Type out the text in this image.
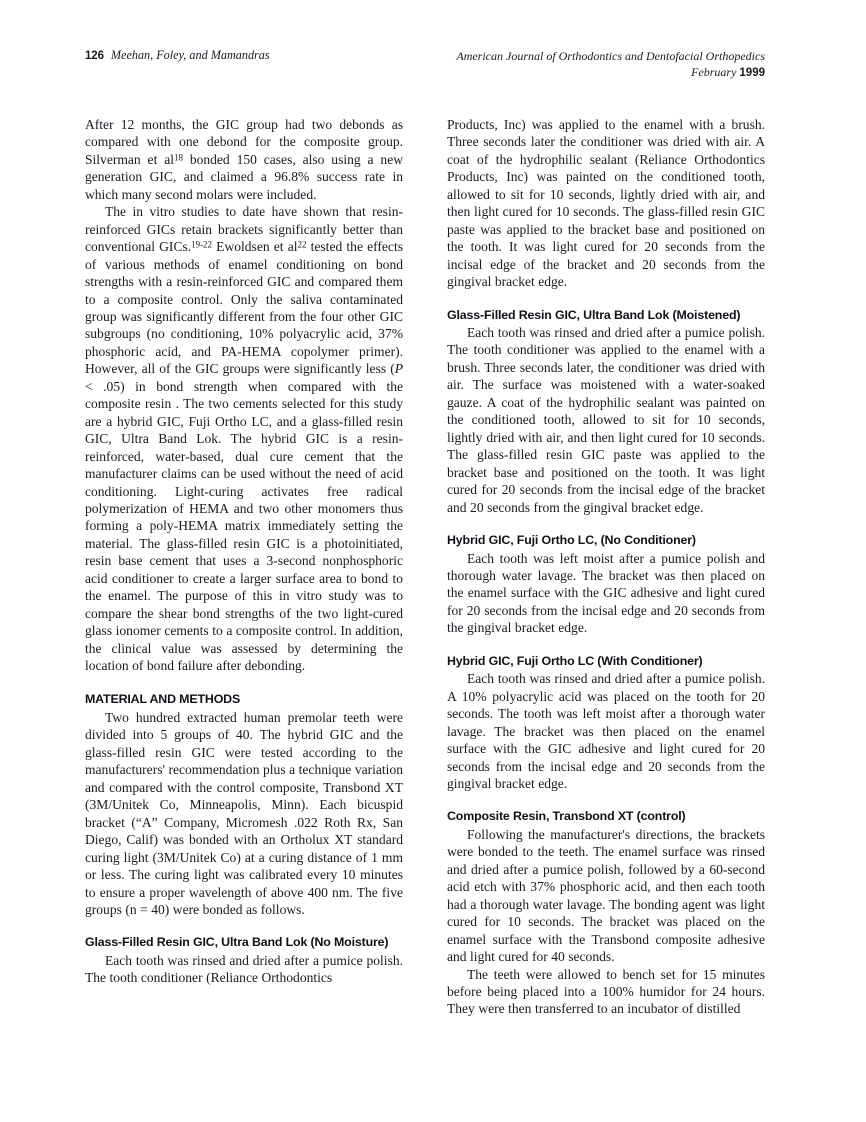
126 Meehan, Foley, and Mamandras	American Journal of Orthodontics and Dentofacial Orthopedics
February 1999

After 12 months, the GIC group had two debonds as compared with one debond for the composite group. Silverman et $al^{18}$ bonded 150 cases, also using a new generation GIC, and claimed a 96.8% success rate in which many second molars were included.

The in vitro studies to date have shown that resin-reinforced GICs retain brackets significantly better than conventional GICs.$^{19-22}$ Ewoldsen et $al^{22}$ tested the effects of various methods of enamel conditioning on bond strengths with a resin-reinforced GIC and compared them to a composite control. Only the saliva contaminated group was significantly different from the four other GIC subgroups (no conditioning, 10% polyacrylic acid, 37% phosphoric acid, and PA-HEMA copolymer primer). However, all of the GIC groups were significantly less (P < .05) in bond strength when compared with the composite resin . The two cements selected for this study are a hybrid GIC, Fuji Ortho LC, and a glass-filled resin GIC, Ultra Band Lok. The hybrid GIC is a resin-reinforced, water-based, dual cure cement that the manufacturer claims can be used without the need of acid conditioning. Light-curing activates free radical polymerization of HEMA and two other monomers thus forming a poly-HEMA matrix immediately setting the material. The glass-filled resin GIC is a photoinitiated, resin base cement that uses a 3-second nonphosphoric acid conditioner to create a larger surface area to bond to the enamel. The purpose of this in vitro study was to compare the shear bond strengths of the two light-cured glass ionomer cements to a composite control. In addition, the clinical value was assessed by determining the location of bond failure after debonding.

MATERIAL AND METHODS

Two hundred extracted human premolar teeth were divided into 5 groups of 40. The hybrid GIC and the glass-filled resin GIC were tested according to the manufacturers' recommendation plus a technique variation and compared with the control composite, Transbond XT (3M/Unitek Co, Minneapolis, Minn). Each bicuspid bracket (“A” Company, Micromesh .022 Roth Rx, San Diego, Calif) was bonded with an Ortholux XT standard curing light (3M/Unitek Co) at a curing distance of 1 mm or less. The curing light was calibrated every 10 minutes to ensure a proper wavelength of above 400 nm. The five groups (n = 40) were bonded as follows.

Glass-Filled Resin GIC, Ultra Band Lok (No Moisture)

Each tooth was rinsed and dried after a pumice polish. The tooth conditioner (Reliance Orthodontics

Products, Inc) was applied to the enamel with a brush. Three seconds later the conditioner was dried with air. A coat of the hydrophilic sealant (Reliance Orthodontics Products, Inc) was painted on the conditioned tooth, allowed to sit for 10 seconds, lightly dried with air, and then light cured for 10 seconds. The glass-filled resin GIC paste was applied to the bracket base and positioned on the tooth. It was light cured for 20 seconds from the incisal edge of the bracket and 20 seconds from the gingival bracket edge.

Glass-Filled Resin GIC, Ultra Band Lok (Moistened)

Each tooth was rinsed and dried after a pumice polish. The tooth conditioner was applied to the enamel with a brush. Three seconds later, the conditioner was dried with air. The surface was moistened with a water-soaked gauze. A coat of the hydrophilic sealant was painted on the conditioned tooth, allowed to sit for 10 seconds, lightly dried with air, and then light cured for 10 seconds. The glass-filled resin GIC paste was applied to the bracket base and positioned on the tooth. It was light cured for 20 seconds from the incisal edge of the bracket and 20 seconds from the gingival bracket edge.

Hybrid GIC, Fuji Ortho LC, (No Conditioner)

Each tooth was left moist after a pumice polish and thorough water lavage. The bracket was then placed on the enamel surface with the GIC adhesive and light cured for 20 seconds from the incisal edge and 20 seconds from the gingival bracket edge.

Hybrid GIC, Fuji Ortho LC (With Conditioner)

Each tooth was rinsed and dried after a pumice polish. A 10% polyacrylic acid was placed on the tooth for 20 seconds. The tooth was left moist after a thorough water lavage. The bracket was then placed on the enamel surface with the GIC adhesive and light cured for 20 seconds from the incisal edge and 20 seconds from the gingival bracket edge.

Composite Resin, Transbond XT (control)

Following the manufacturer's directions, the brackets were bonded to the teeth. The enamel surface was rinsed and dried after a pumice polish, followed by a 60-second acid etch with 37% phosphoric acid, and then each tooth had a thorough water lavage. The bonding agent was light cured for 10 seconds. The bracket was placed on the enamel surface with the Transbond composite adhesive and light cured for 40 seconds.

The teeth were allowed to bench set for 15 minutes before being placed into a 100% humidor for 24 hours. They were then transferred to an incubator of distilled
